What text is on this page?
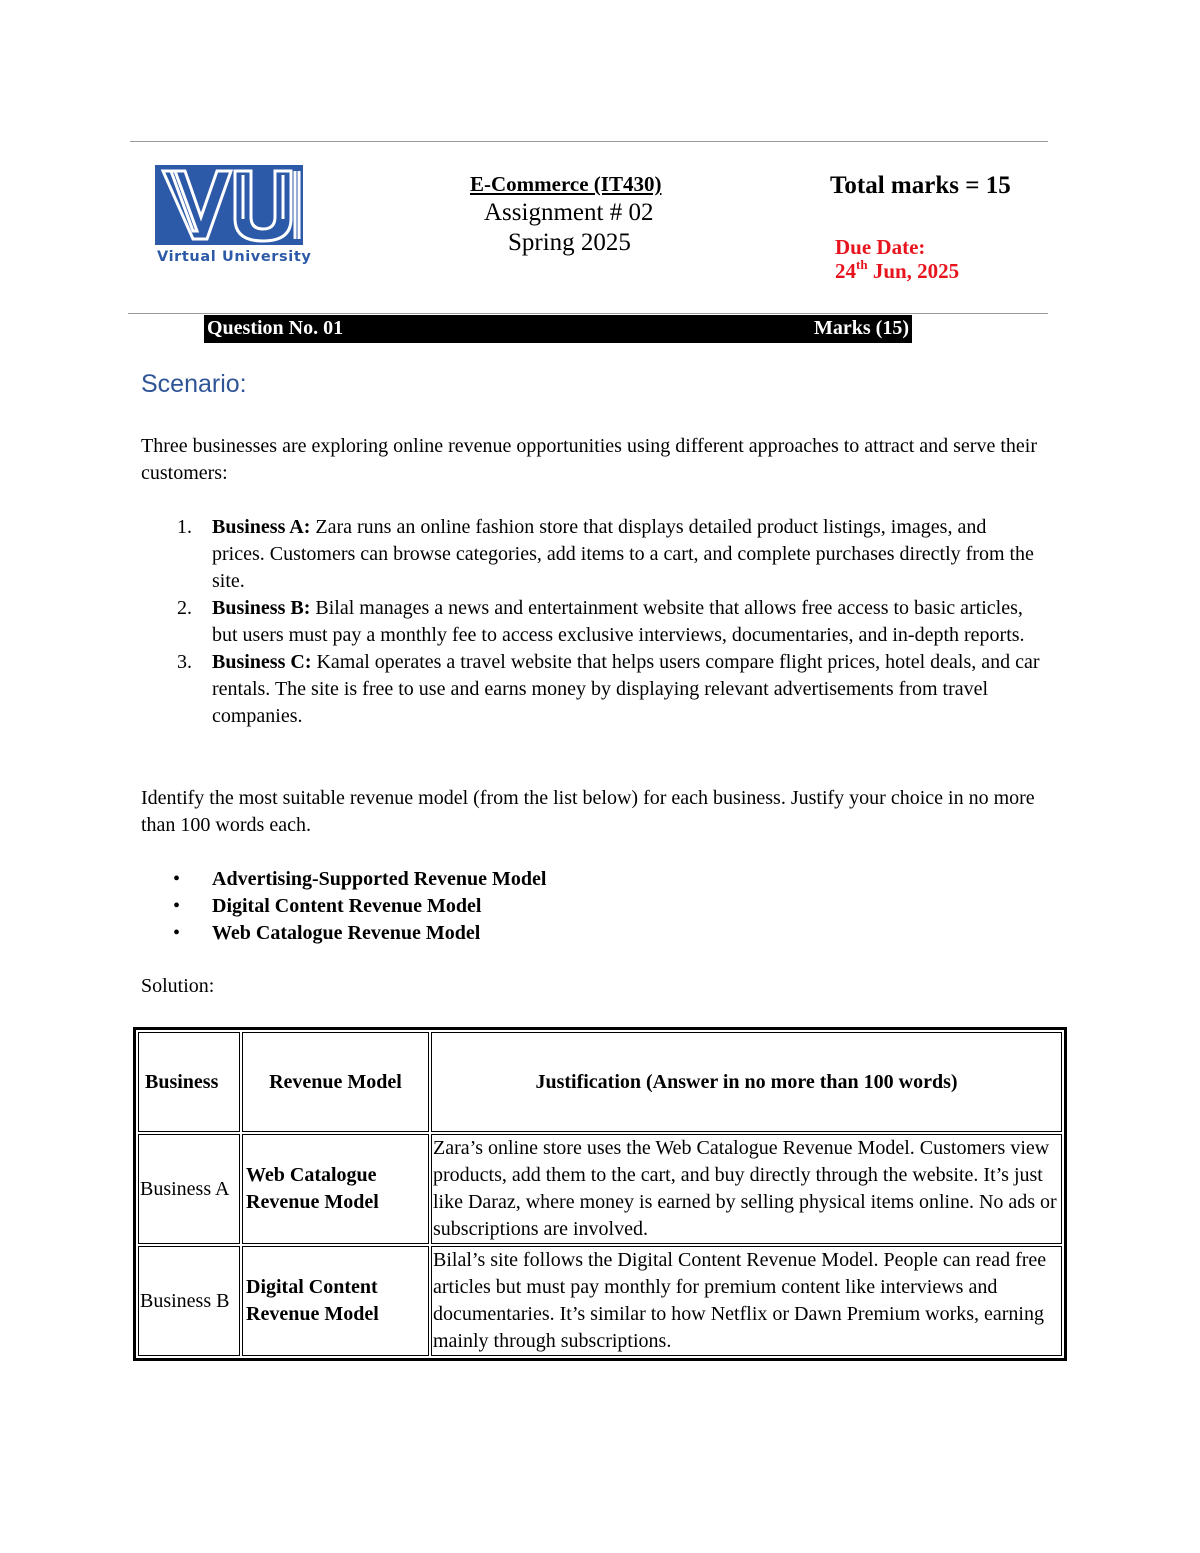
Virtual University
E-Commerce (IT430)
Assignment # 02
Spring 2025
Total marks = 15
Due Date:
24th Jun, 2025
Question No. 01	Marks (15)
Scenario:
Three businesses are exploring online revenue opportunities using different approaches to attract and serve their customers:
1. Business A: Zara runs an online fashion store that displays detailed product listings, images, and prices. Customers can browse categories, add items to a cart, and complete purchases directly from the site.
2. Business B: Bilal manages a news and entertainment website that allows free access to basic articles, but users must pay a monthly fee to access exclusive interviews, documentaries, and in-depth reports.
3. Business C: Kamal operates a travel website that helps users compare flight prices, hotel deals, and car rentals. The site is free to use and earns money by displaying relevant advertisements from travel companies.
Identify the most suitable revenue model (from the list below) for each business. Justify your choice in no more than 100 words each.
• Advertising-Supported Revenue Model
• Digital Content Revenue Model
• Web Catalogue Revenue Model
Solution:
Business	Revenue Model	Justification (Answer in no more than 100 words)
Business A	Web Catalogue Revenue Model	Zara’s online store uses the Web Catalogue Revenue Model. Customers view products, add them to the cart, and buy directly through the website. It’s just like Daraz, where money is earned by selling physical items online. No ads or subscriptions are involved.
Business B	Digital Content Revenue Model	Bilal’s site follows the Digital Content Revenue Model. People can read free articles but must pay monthly for premium content like interviews and documentaries. It’s similar to how Netflix or Dawn Premium works, earning mainly through subscriptions.
